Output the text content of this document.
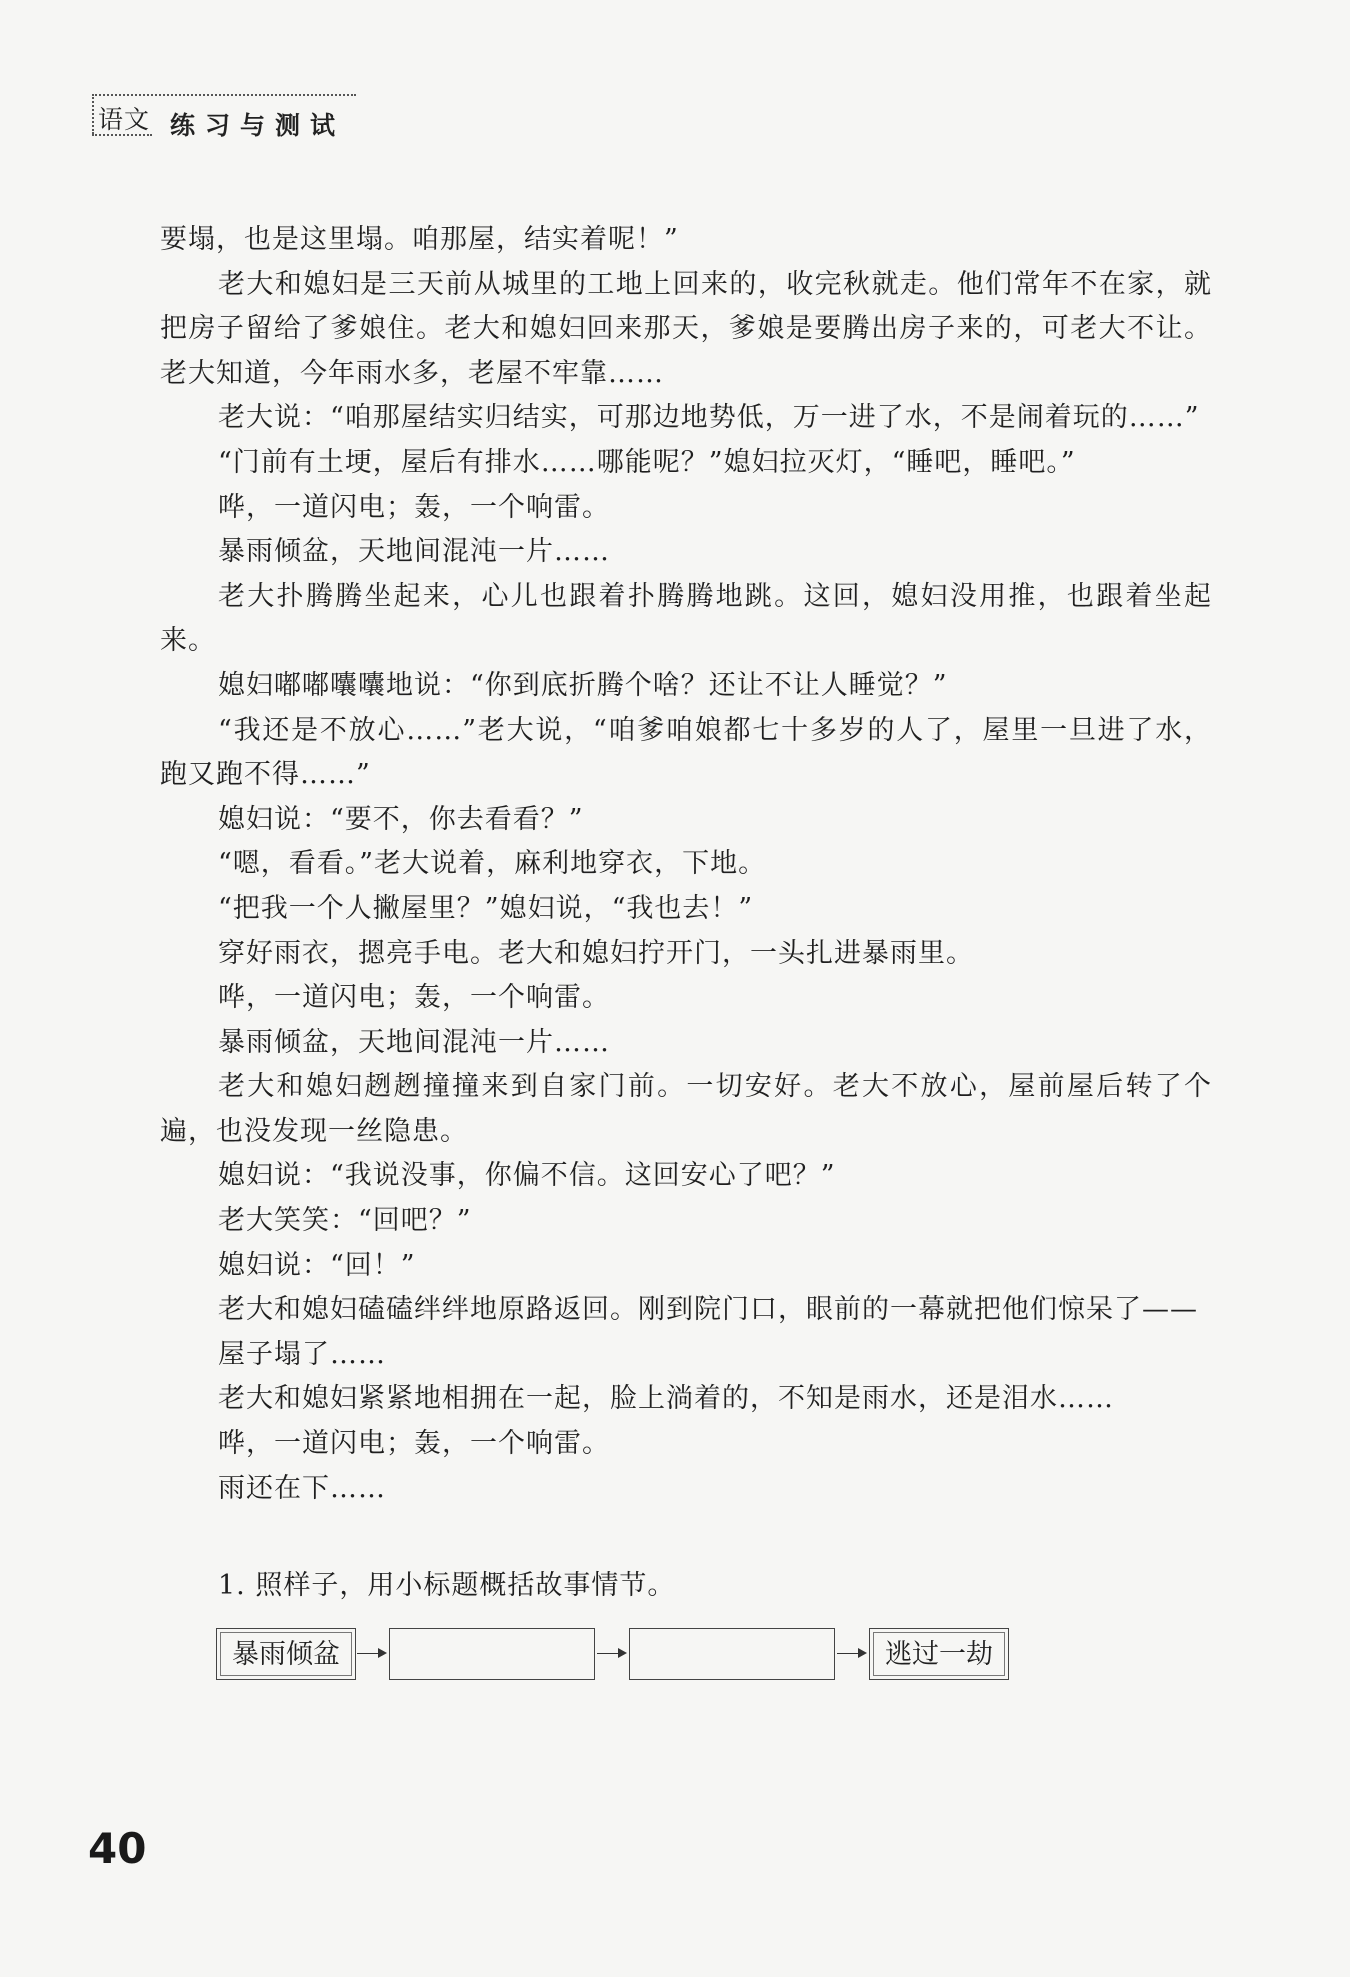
语文 练习与测试

要塌，也是这里塌。咱那屋，结实着呢！”

老大和媳妇是三天前从城里的工地上回来的，收完秋就走。他们常年不在家，就把房子留给了爹娘住。老大和媳妇回来那天，爹娘是要腾出房子来的，可老大不让。老大知道，今年雨水多，老屋不牢靠……

老大说：“咱那屋结实归结实，可那边地势低，万一进了水，不是闹着玩的……”

“门前有土埂，屋后有排水……哪能呢？”媳妇拉灭灯，“睡吧，睡吧。”

哗，一道闪电；轰，一个响雷。

暴雨倾盆，天地间混沌一片……

老大扑腾腾坐起来，心儿也跟着扑腾腾地跳。这回，媳妇没用推，也跟着坐起来。

媳妇嘟嘟囔囔地说：“你到底折腾个啥？还让不让人睡觉？”

“我还是不放心……”老大说，“咱爹咱娘都七十多岁的人了，屋里一旦进了水，跑又跑不得……”

媳妇说：“要不，你去看看？”

“嗯，看看。”老大说着，麻利地穿衣，下地。

“把我一个人撇屋里？”媳妇说，“我也去！”

穿好雨衣，摁亮手电。老大和媳妇拧开门，一头扎进暴雨里。

哗，一道闪电；轰，一个响雷。

暴雨倾盆，天地间混沌一片……

老大和媳妇趔趔撞撞来到自家门前。一切安好。老大不放心，屋前屋后转了个遍，也没发现一丝隐患。

媳妇说：“我说没事，你偏不信。这回安心了吧？”

老大笑笑：“回吧？”

媳妇说：“回！”

老大和媳妇磕磕绊绊地原路返回。刚到院门口，眼前的一幕就把他们惊呆了——

屋子塌了……

老大和媳妇紧紧地相拥在一起，脸上淌着的，不知是雨水，还是泪水……

哗，一道闪电；轰，一个响雷。

雨还在下……

1. 照样子，用小标题概括故事情节。
暴雨倾盆	逃过一劫
40
